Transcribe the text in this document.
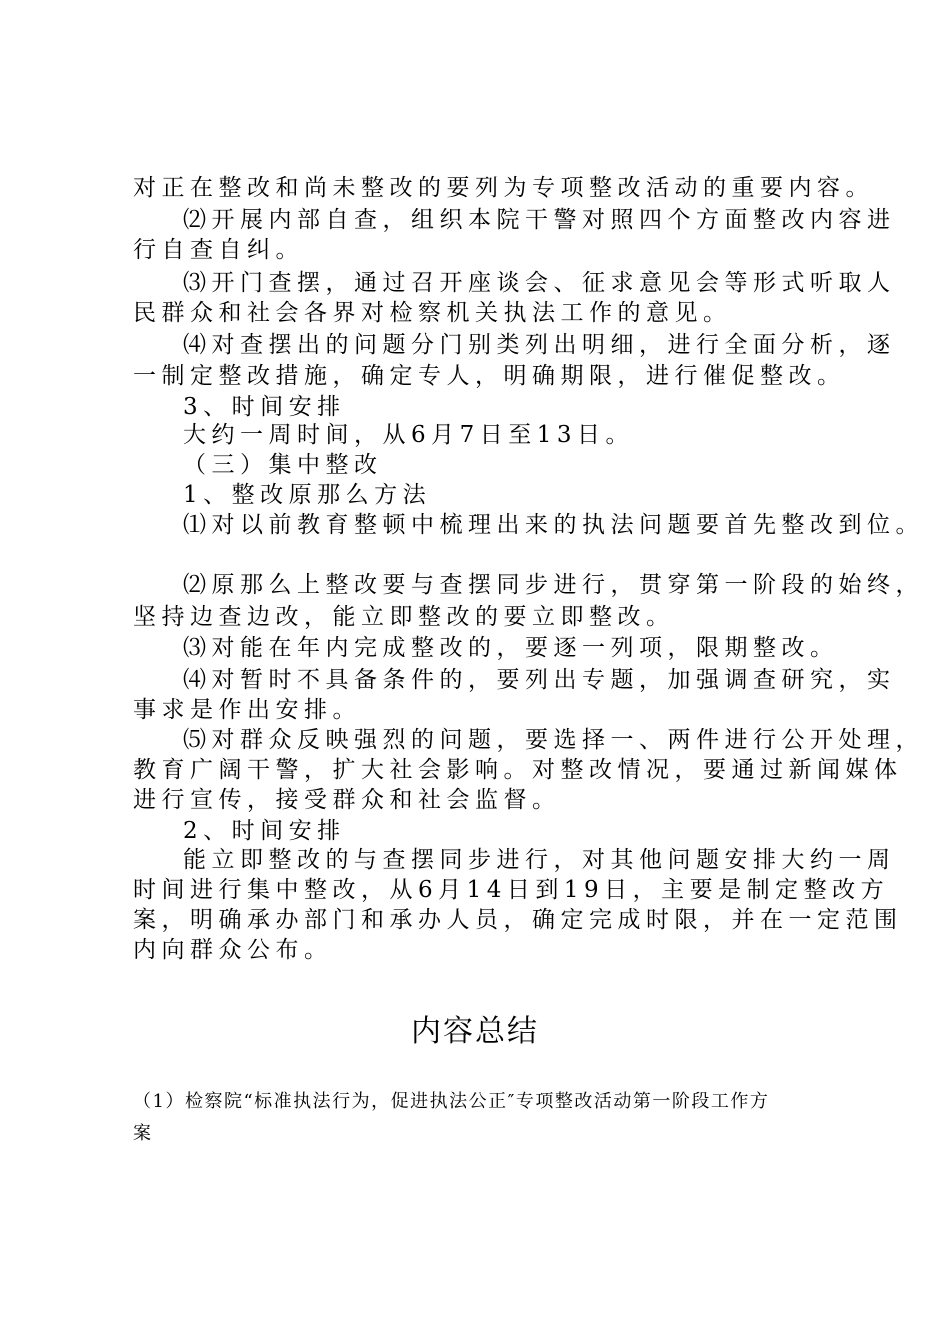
对正在整改和尚未整改的要列为专项整改活动的重要内容。
⑵开展内部自查，组织本院干警对照四个方面整改内容进
行自查自纠。
⑶开门查摆，通过召开座谈会、征求意见会等形式听取人
民群众和社会各界对检察机关执法工作的意见。
⑷对查摆出的问题分门别类列出明细，进行全面分析，逐
一制定整改措施，确定专人，明确期限，进行催促整改。
3、时间安排
大约一周时间，从6月7日至13日。
（三）集中整改
1、整改原那么方法
⑴对以前教育整顿中梳理出来的执法问题要首先整改到位。
⑵原那么上整改要与查摆同步进行，贯穿第一阶段的始终，
坚持边查边改，能立即整改的要立即整改。
⑶对能在年内完成整改的，要逐一列项，限期整改。
⑷对暂时不具备条件的，要列出专题，加强调查研究，实
事求是作出安排。
⑸对群众反映强烈的问题，要选择一、两件进行公开处理，
教育广阔干警，扩大社会影响。对整改情况，要通过新闻媒体
进行宣传，接受群众和社会监督。
2、时间安排
能立即整改的与查摆同步进行，对其他问题安排大约一周
时间进行集中整改，从6月14日到19日，主要是制定整改方
案，明确承办部门和承办人员，确定完成时限，并在一定范围
内向群众公布。
内容总结
（1）检察院“标准执法行为，促进执法公正″专项整改活动第一阶段工作方
案
